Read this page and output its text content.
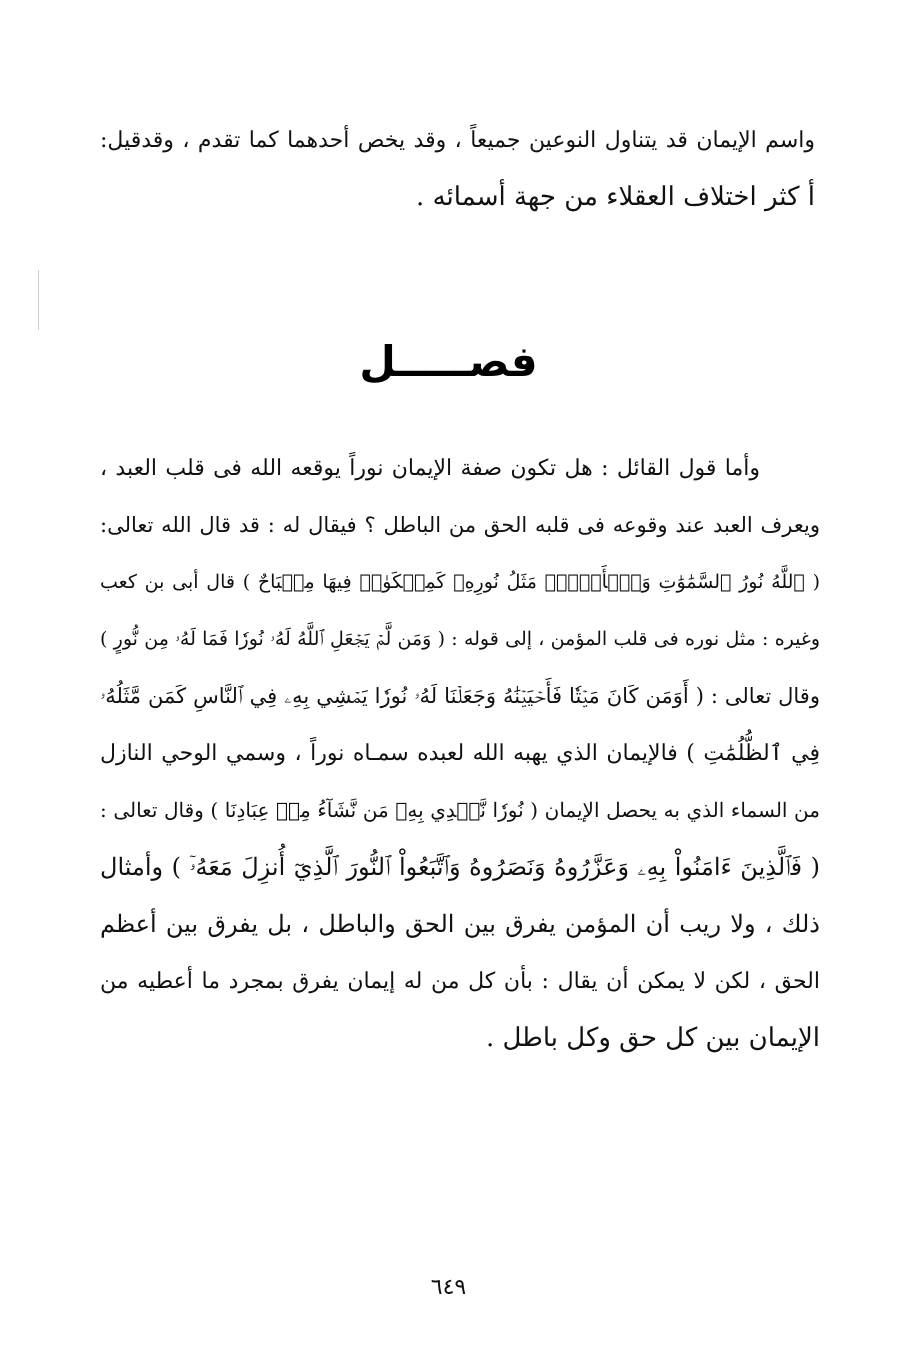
واسم الإيمان قد يتناول النوعين جميعاً ، وقد يخص أحدهما كما تقدم ، وقدقيل:
أ كثر اختلاف العقلاء من جهة أسمائه .
فصـــــل
وأما قول القائل : هل تكون صفة الإيمان نوراً يوقعه الله فى قلب العبد ،
ويعرف العبد عند وقوعه فى قلبه الحق من الباطل ؟ فيقال له : قد قال الله تعالى:
( ٱللَّهُ نُورُ ٱلسَّمَٰوَٰتِ وَٱلۡأَرۡضِۚ مَثَلُ نُورِهِۦ كَمِشۡكَوٰةٖ فِيهَا مِصۡبَاحٌ ) قال أبى بن كعب
وغيره : مثل نوره فى قلب المؤمن ، إلى قوله : ( وَمَن لَّمۡ يَجۡعَلِ ٱللَّهُ لَهُۥ نُورٗا فَمَا لَهُۥ مِن نُّورٍ )
وقال تعالى : ( أَوَمَن كَانَ مَيۡتٗا فَأَحۡيَيۡنَٰهُ وَجَعَلۡنَا لَهُۥ نُورٗا يَمۡشِي بِهِۦ فِي ٱلنَّاسِ كَمَن مَّثَلُهُۥ
فِي ٱلظُّلُمَٰتِ ) فالإيمان الذي يهبه الله لعبده سمـاه نوراً ، وسمي الوحي النازل
من السماء الذي به يحصل الإيمان ( نُورٗا نَّهۡدِي بِهِۦ مَن نَّشَآءُ مِنۡ عِبَادِنَا ) وقال تعالى :
( فَٱلَّذِينَ ءَامَنُواْ بِهِۦ وَعَزَّرُوهُ وَنَصَرُوهُ وَٱتَّبَعُواْ ٱلنُّورَ ٱلَّذِيٓ أُنزِلَ مَعَهُۥٓ ) وأمثال
ذلك ، ولا ريب أن المؤمن يفرق بين الحق والباطل ، بل يفرق بين أعظم
الحق ، لكن لا يمكن أن يقال : بأن كل من له إيمان يفرق بمجرد ما أعطيه من
الإيمان بين كل حق وكل باطل .
٦٤٩
